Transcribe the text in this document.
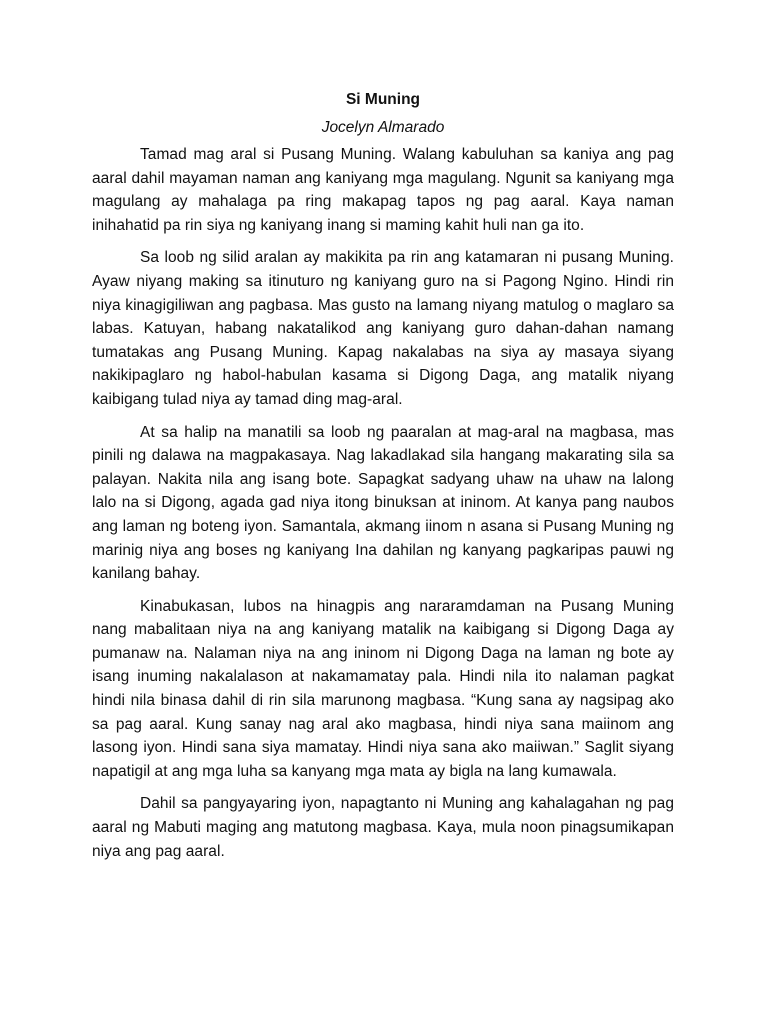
Si Muning

Jocelyn Almarado

Tamad mag aral si Pusang Muning. Walang kabuluhan sa kaniya ang pag aaral dahil mayaman naman ang kaniyang mga magulang. Ngunit sa kaniyang mga magulang ay mahalaga pa ring makapag tapos ng pag aaral. Kaya naman inihahatid pa rin siya ng kaniyang inang si maming kahit huli nan ga ito.

Sa loob ng silid aralan ay makikita pa rin ang katamaran ni pusang Muning. Ayaw niyang making sa itinuturo ng kaniyang guro na si Pagong Ngino. Hindi rin niya kinagigiliwan ang pagbasa. Mas gusto na lamang niyang matulog o maglaro sa labas. Katuyan, habang nakatalikod ang kaniyang guro dahan-dahan namang tumatakas ang Pusang Muning. Kapag nakalabas na siya ay masaya siyang nakikipaglaro ng habol-habulan kasama si Digong Daga, ang matalik niyang kaibigang tulad niya ay tamad ding mag-aral.

At sa halip na manatili sa loob ng paaralan at mag-aral na magbasa, mas pinili ng dalawa na magpakasaya. Nag lakadlakad sila hangang makarating sila sa palayan. Nakita nila ang isang bote. Sapagkat sadyang uhaw na uhaw na lalong lalo na si Digong, agada gad niya itong binuksan at ininom. At kanya pang naubos ang laman ng boteng iyon. Samantala, akmang iinom n asana si Pusang Muning ng marinig niya ang boses ng kaniyang Ina dahilan ng kanyang pagkaripas pauwi ng kanilang bahay.

Kinabukasan, lubos na hinagpis ang nararamdaman na Pusang Muning nang mabalitaan niya na ang kaniyang matalik na kaibigang si Digong Daga ay pumanaw na. Nalaman niya na ang ininom ni Digong Daga na laman ng bote ay isang inuming nakalalason at nakamamatay pala. Hindi nila ito nalaman pagkat hindi nila binasa dahil di rin sila marunong magbasa. “Kung sana ay nagsipag ako sa pag aaral. Kung sanay nag aral ako magbasa, hindi niya sana maiinom ang lasong iyon. Hindi sana siya mamatay. Hindi niya sana ako maiiwan.” Saglit siyang napatigil at ang mga luha sa kanyang mga mata ay bigla na lang kumawala.

Dahil sa pangyayaring iyon, napagtanto ni Muning ang kahalagahan ng pag aaral ng Mabuti maging ang matutong magbasa. Kaya, mula noon pinagsumikapan niya ang pag aaral.
